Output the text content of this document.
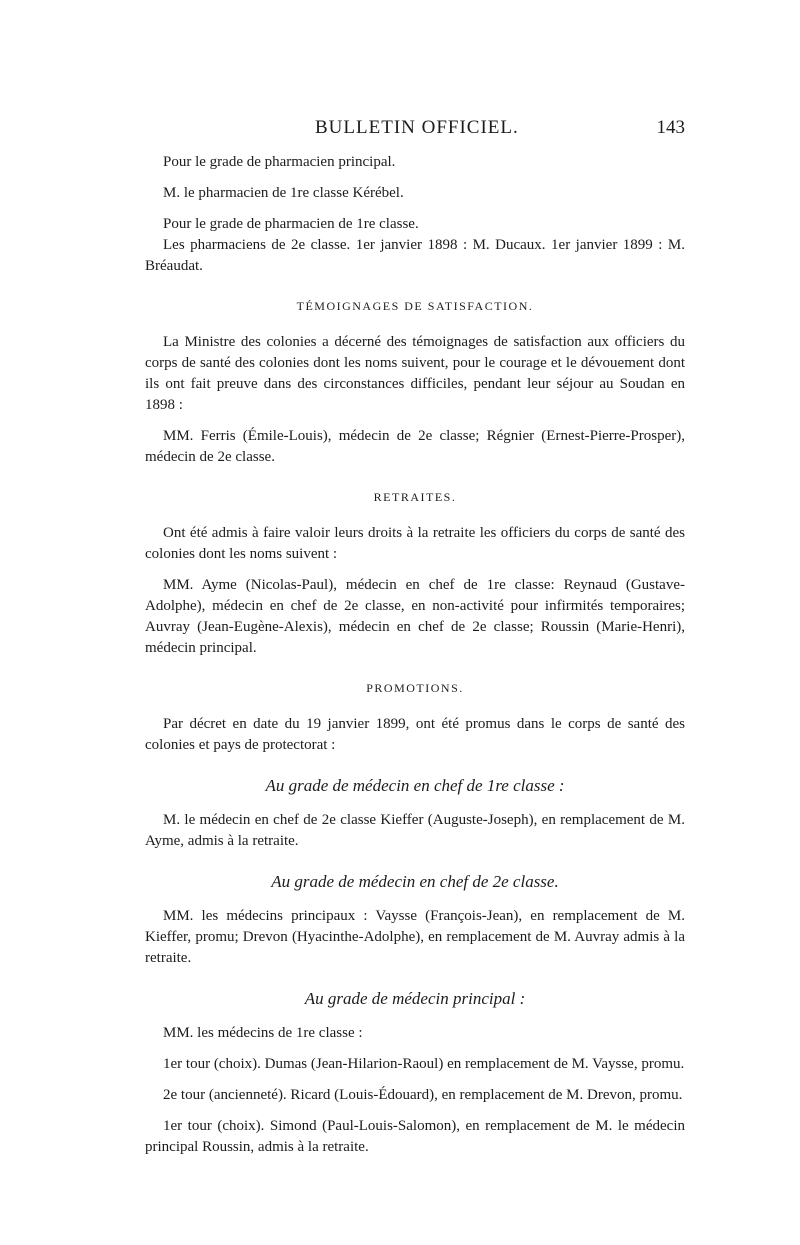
BULLETIN OFFICIEL.	143

Pour le grade de pharmacien principal.

M. le pharmacien de 1re classe Kérébel.

Pour le grade de pharmacien de 1re classe.

Les pharmaciens de 2e classe. 1er janvier 1898 : M. Ducaux. 1er janvier 1899 : M. Bréaudat.

TÉMOIGNAGES DE SATISFACTION.

La Ministre des colonies a décerné des témoignages de satisfaction aux officiers du corps de santé des colonies dont les noms suivent, pour le courage et le dévouement dont ils ont fait preuve dans des circonstances difficiles, pendant leur séjour au Soudan en 1898 :

MM. Ferris (Émile-Louis), médecin de 2e classe; Régnier (Ernest-Pierre-Prosper), médecin de 2e classe.

RETRAITES.

Ont été admis à faire valoir leurs droits à la retraite les officiers du corps de santé des colonies dont les noms suivent :

MM. Ayme (Nicolas-Paul), médecin en chef de 1re classe: Reynaud (Gustave-Adolphe), médecin en chef de 2e classe, en non-activité pour infirmités temporaires; Auvray (Jean-Eugène-Alexis), médecin en chef de 2e classe; Roussin (Marie-Henri), médecin principal.

PROMOTIONS.

Par décret en date du 19 janvier 1899, ont été promus dans le corps de santé des colonies et pays de protectorat :

Au grade de médecin en chef de 1re classe :

M. le médecin en chef de 2e classe Kieffer (Auguste-Joseph), en remplacement de M. Ayme, admis à la retraite.

Au grade de médecin en chef de 2e classe.

MM. les médecins principaux : Vaysse (François-Jean), en remplacement de M. Kieffer, promu; Drevon (Hyacinthe-Adolphe), en remplacement de M. Auvray admis à la retraite.

Au grade de médecin principal :

MM. les médecins de 1re classe :

1er tour (choix). Dumas (Jean-Hilarion-Raoul) en remplacement de M. Vaysse, promu.

2e tour (ancienneté). Ricard (Louis-Édouard), en remplacement de M. Drevon, promu.

1er tour (choix). Simond (Paul-Louis-Salomon), en remplacement de M. le médecin principal Roussin, admis à la retraite.
